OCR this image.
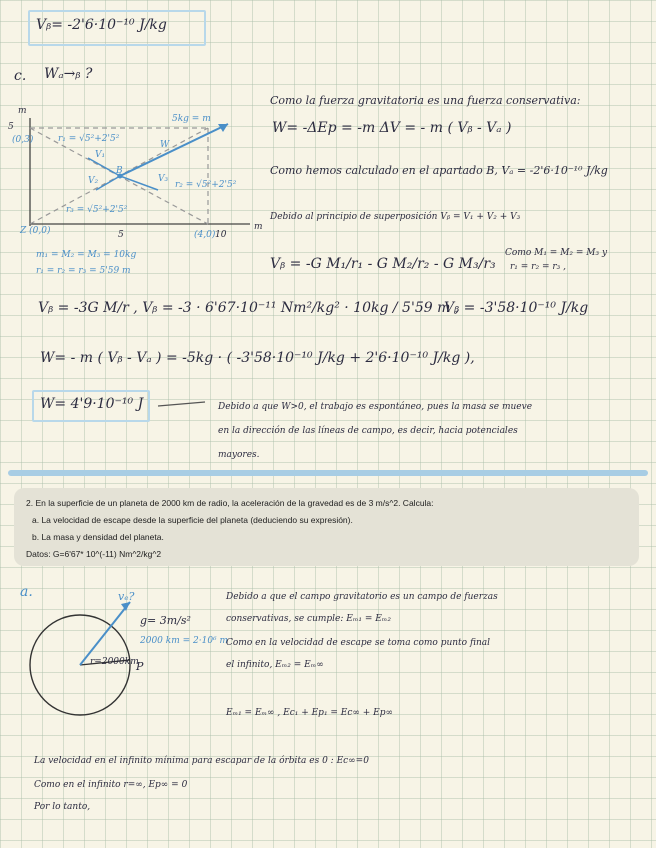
Vᵦ= -2'6·10⁻¹⁰ J/kg
c. Wₐ→ᵦ ?
m
m
Z (0,0)
(0,3)
(4,0)
5	10
5
5kg = m
W
r₁ = √5²+2'5²
r₂ = √5²+2'5²
r₃ = √5²+2'5²
V₁
V₂	V₃
B
m₁ = M₂ = M₃ = 10kg
r₁ = r₂ = r₃ = 5'59 m
Como la fuerza gravitatoria es una fuerza conservativa:
W= -ΔEp = -m ΔV = - m ( Vᵦ - Vₐ )
Como hemos calculado en el apartado B, Vₐ = -2'6·10⁻¹⁰ J/kg
Debido al principio de superposición Vᵦ = V₁ + V₂ + V₃
Vᵦ = -G M₁/r₁ - G M₂/r₂ - G M₃/r₃
Como M₁ = M₂ = M₃ y
r₁ = r₂ = r₃ ,
Vᵦ = -3G M/r , Vᵦ = -3 · 6'67·10⁻¹¹ Nm²/kg² · 10kg / 5'59 m ,
Vᵦ = -3'58·10⁻¹⁰ J/kg
W= - m ( Vᵦ - Vₐ ) = -5kg · ( -3'58·10⁻¹⁰ J/kg + 2'6·10⁻¹⁰ J/kg ),
W= 4'9·10⁻¹⁰ J	Debido a que W>0, el trabajo es espontáneo, pues la masa se mueve
en la dirección de las líneas de campo, es decir, hacia potenciales
mayores.

2. En la superficie de un planeta de 2000 km de radio, la aceleración de la gravedad es de 3 m/s^2. Calcula:

a. La velocidad de escape desde la superficie del planeta (deduciendo su expresión).

b. La masa y densidad del planeta.

Datos: G=6'67* 10^(-11) Nm^2/kg^2

a.	vₑ?
g= 3m/s²
2000 km = 2·10⁶ m
r=2000km
P
Debido a que el campo gravitatorio es un campo de fuerzas
conservativas, se cumple: Eₘ₁ = Eₘ₂
Como en la velocidad de escape se toma como punto final
el infinito, Eₘ₂ = Eₘ∞
Eₘ₁ = Eₘ∞ , Ec₁ + Ep₁ = Ec∞ + Ep∞
La velocidad en el infinito mínima para escapar de la órbita es 0 : Ec∞=0
Como en el infinito r=∞, Ep∞ = 0
Por lo tanto,
